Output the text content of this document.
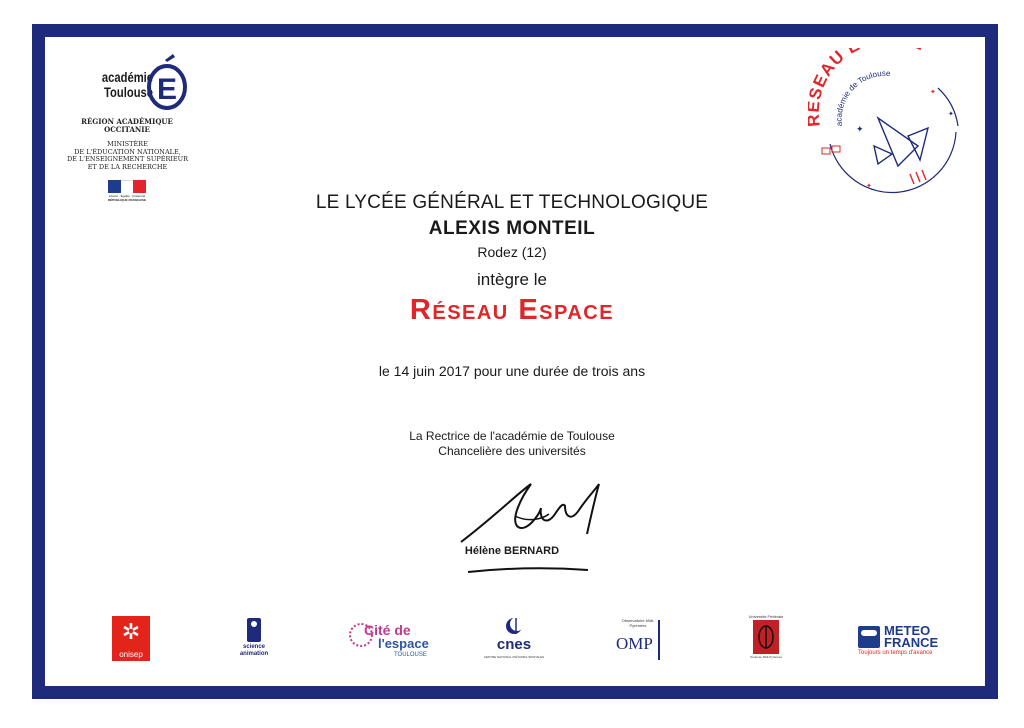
académie
Toulouse E
RÉGION ACADÉMIQUE
OCCITANIE
MINISTÈRE
DE L'ÉDUCATION NATIONALE,
DE L'ENSEIGNEMENT SUPÉRIEUR
ET DE LA RECHERCHE
Liberté · Égalité · Fraternité
RÉPUBLIQUE FRANÇAISE
EAU
académie de Toulouse
✦
✦
✦
✦
LE LYCÉE GÉNÉRAL ET TECHNOLOGIQUE
ALEXIS MONTEIL
Rodez (12)
intègre le
Réseau Espace
le 14 juin 2017 pour une durée de trois ans
La Rectrice de l'académie de Toulouse
Chancelière des universités
Hélène BERNARD
✲
onisep
science animation
Cité de
l'espace
TOULOUSE
cnes
CENTRE NATIONAL D'ÉTUDES SPATIALES
Observatoire Midi-Pyrénées
OMP
Université Fédérale
Toulouse Midi-Pyrénées
METEO
FRANCE
Toujours un temps d'avance
